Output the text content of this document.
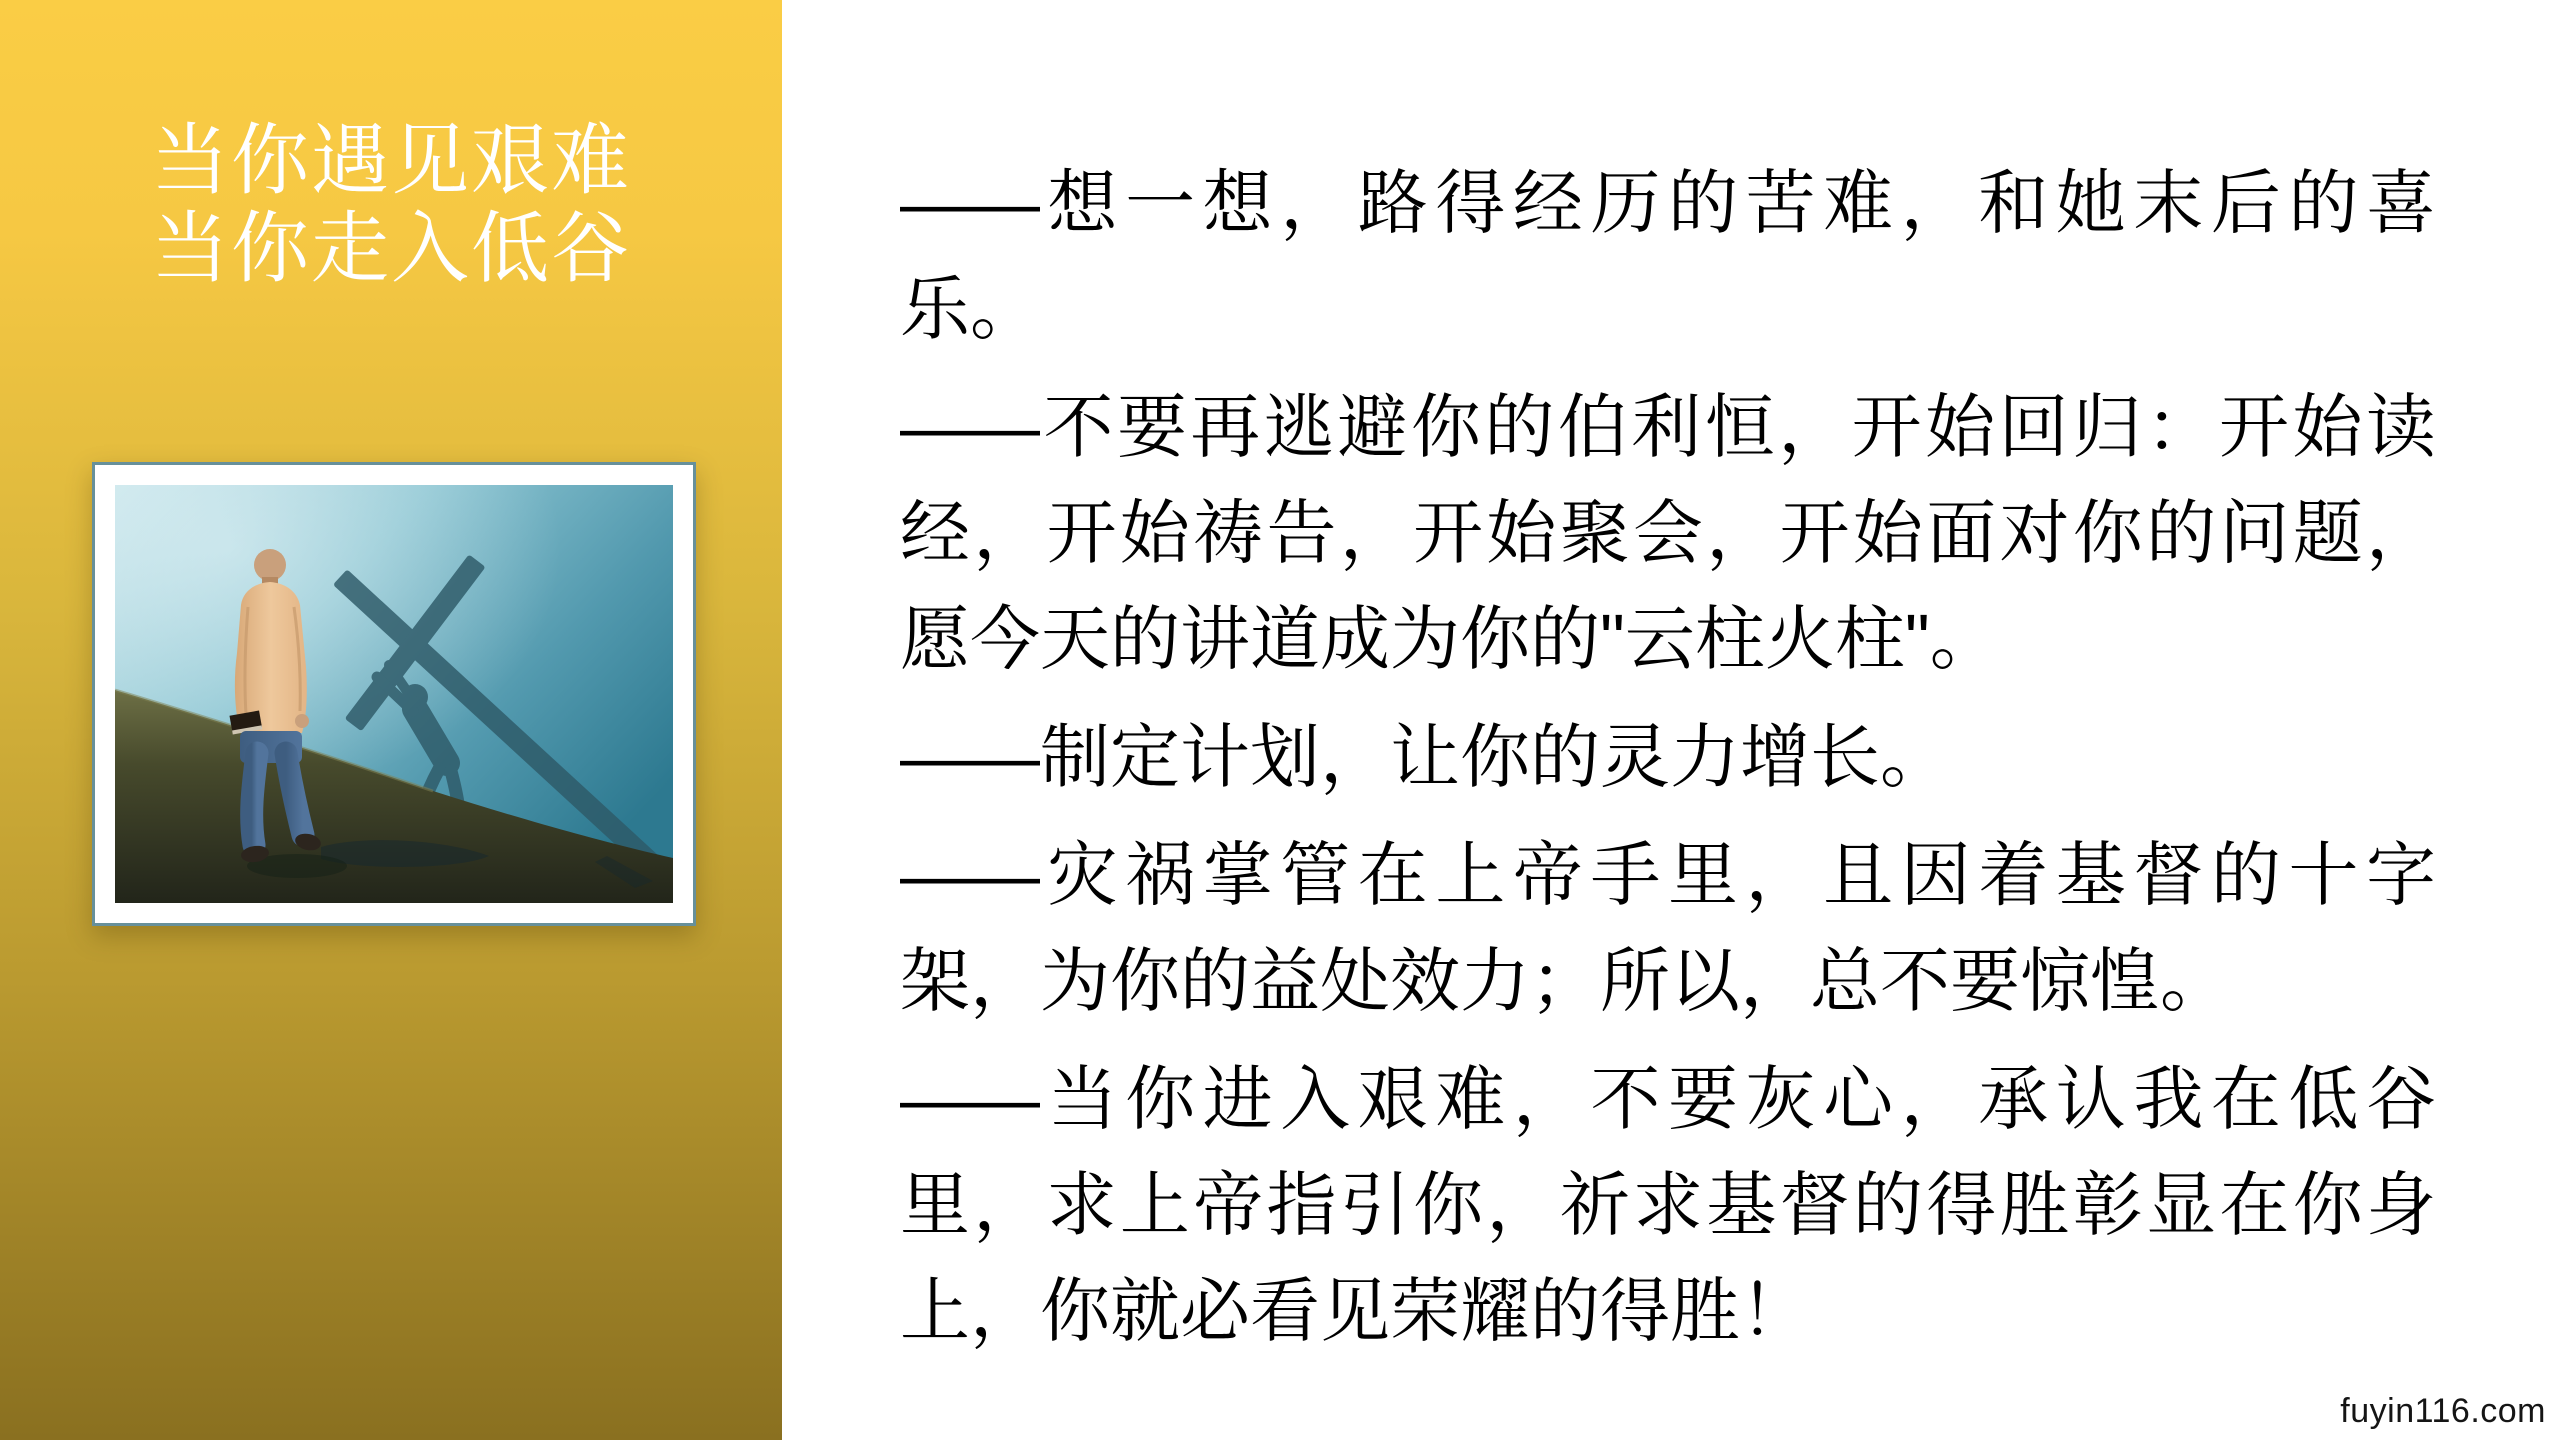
当你遇见艰难
当你走入低谷

——想一想，路得经历的苦难，和她末后的喜乐。

——不要再逃避你的伯利恒，开始回归：开始读经，开始祷告，开始聚会，开始面对你的问题，愿今天的讲道成为你的"云柱火柱"。

——制定计划，让你的灵力增长。

——灾祸掌管在上帝手里，且因着基督的十字架，为你的益处效力；所以，总不要惊惶。

——当你进入艰难，不要灰心，承认我在低谷里，求上帝指引你，祈求基督的得胜彰显在你身上，你就必看见荣耀的得胜！

fuyin116.com
